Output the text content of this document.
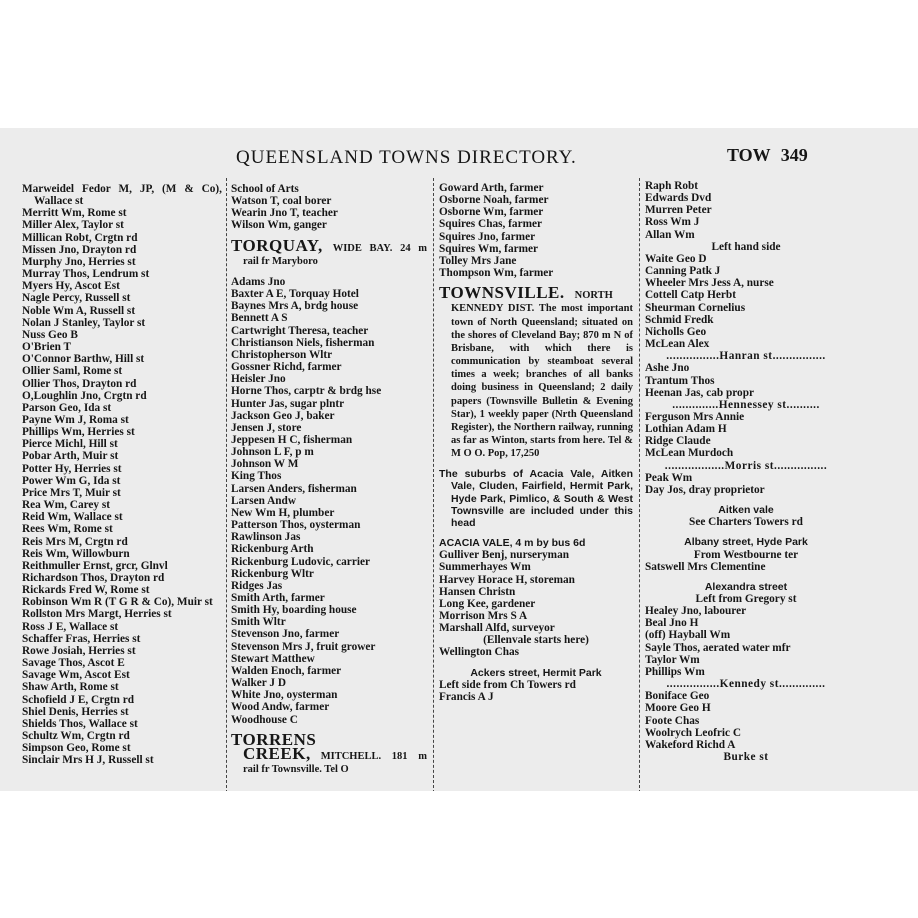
QUEENSLAND TOWNS DIRECTORY.	TOW 349
Marweidel Fedor M, JP, (M & Co), Wallace st
Merritt Wm, Rome st
Miller Alex, Taylor st
Millican Robt, Crgtn rd
Missen Jno, Drayton rd
Murphy Jno, Herries st
Murray Thos, Lendrum st
Myers Hy, Ascot Est
Nagle Percy, Russell st
Noble Wm A, Russell st
Nolan J Stanley, Taylor st
Nuss Geo B
O'Brien T
O'Connor Barthw, Hill st
Ollier Saml, Rome st
Ollier Thos, Drayton rd
O,Loughlin Jno, Crgtn rd
Parson Geo, Ida st
Payne Wm J, Roma st
Phillips Wm, Herries st
Pierce Michl, Hill st
Pobar Arth, Muir st
Potter Hy, Herries st
Power Wm G, Ida st
Price Mrs T, Muir st
Rea Wm, Carey st
Reid Wm, Wallace st
Rees Wm, Rome st
Reis Mrs M, Crgtn rd
Reis Wm, Willowburn
Reithmuller Ernst, grcr, Glnvl
Richardson Thos, Drayton rd
Rickards Fred W, Rome st
Robinson Wm R (T G R & Co), Muir st
Rollston Mrs Margt, Herries st
Ross J E, Wallace st
Schaffer Fras, Herries st
Rowe Josiah, Herries st
Savage Thos, Ascot E
Savage Wm, Ascot Est
Shaw Arth, Rome st
Schofield J E, Crgtn rd
Shiel Denis, Herries st
Shields Thos, Wallace st
Schultz Wm, Crgtn rd
Simpson Geo, Rome st
Sinclair Mrs H J, Russell st
School of Arts
Watson T, coal borer
Wearin Jno T, teacher
Wilson Wm, ganger
TORQUAY, WIDE BAY. 24 m rail fr Maryboro
Adams Jno
Baxter A E, Torquay Hotel
Baynes Mrs A, brdg house
Bennett A S
Cartwright Theresa, teacher
Christianson Niels, fisherman
Christopherson Wltr
Gossner Richd, farmer
Heisler Jno
Horne Thos, carptr & brdg hse
Hunter Jas, sugar plntr
Jackson Geo J, baker
Jensen J, store
Jeppesen H C, fisherman
Johnson L F, p m
Johnson W M
King Thos
Larsen Anders, fisherman
Larsen Andw
New Wm H, plumber
Patterson Thos, oysterman
Rawlinson Jas
Rickenburg Arth
Rickenburg Ludovic, carrier
Rickenburg Wltr
Ridges Jas
Smith Arth, farmer
Smith Hy, boarding house
Smith Wltr
Stevenson Jno, farmer
Stevenson Mrs J, fruit grower
Stewart Matthew
Walden Enoch, farmer
Walker J D
White Jno, oysterman
Wood Andw, farmer
Woodhouse C
TORRENS CREEK, MITCHELL. 181 m rail fr Townsville. Tel O
Goward Arth, farmer
Osborne Noah, farmer
Osborne Wm, farmer
Squires Chas, farmer
Squires Jno, farmer
Squires Wm, farmer
Tolley Mrs Jane
Thompson Wm, farmer
TOWNSVILLE. NORTH KENNEDY DIST. The most important town of North Queensland; situated on the shores of Cleveland Bay; 870 m N of Brisbane, with which there is communication by steamboat several times a week; branches of all banks doing business in Queensland; 2 daily papers (Townsville Bulletin & Evening Star), 1 weekly paper (Nrth Queensland Register), the Northern railway, running as far as Winton, starts from here. Tel & M O O. Pop, 17,250
The suburbs of Acacia Vale, Aitken Vale, Cluden, Fairfield, Hermit Park, Hyde Park, Pimlico, & South & West Townsville are included under this head
ACACIA VALE, 4 m by bus 6d
Gulliver Benj, nurseryman
Summerhayes Wm
Harvey Horace H, storeman
Hansen Christn
Long Kee, gardener
Morrison Mrs S A
Marshall Alfd, surveyor
(Ellenvale starts here)
Wellington Chas
Ackers street, Hermit Park
Left side from Ch Towers rd
Francis A J
Raph Robt
Edwards Dvd
Murren Peter
Ross Wm J
Allan Wm
Left hand side
Waite Geo D
Canning Patk J
Wheeler Mrs Jess A, nurse
Cottell Catp Herbt
Sheurman Cornelius
Schmid Fredk
Nicholls Geo
McLean Alex
................Hanran st................
Ashe Jno
Trantum Thos
Heenan Jas, cab propr
..............Hennessey st..........
Ferguson Mrs Annie
Lothian Adam H
Ridge Claude
McLean Murdoch
..................Morris st................
Peak Wm
Day Jos, dray proprietor
Aitken vale
See Charters Towers rd
Albany street, Hyde Park
From Westbourne ter
Satswell Mrs Clementine
Alexandra street
Left from Gregory st
Healey Jno, labourer
Beal Jno H
(off) Hayball Wm
Sayle Thos, aerated water mfr
Taylor Wm
Phillips Wm
................Kennedy st..............
Boniface Geo
Moore Geo H
Foote Chas
Woolrych Leofric C
Wakeford Richd A
Burke st
